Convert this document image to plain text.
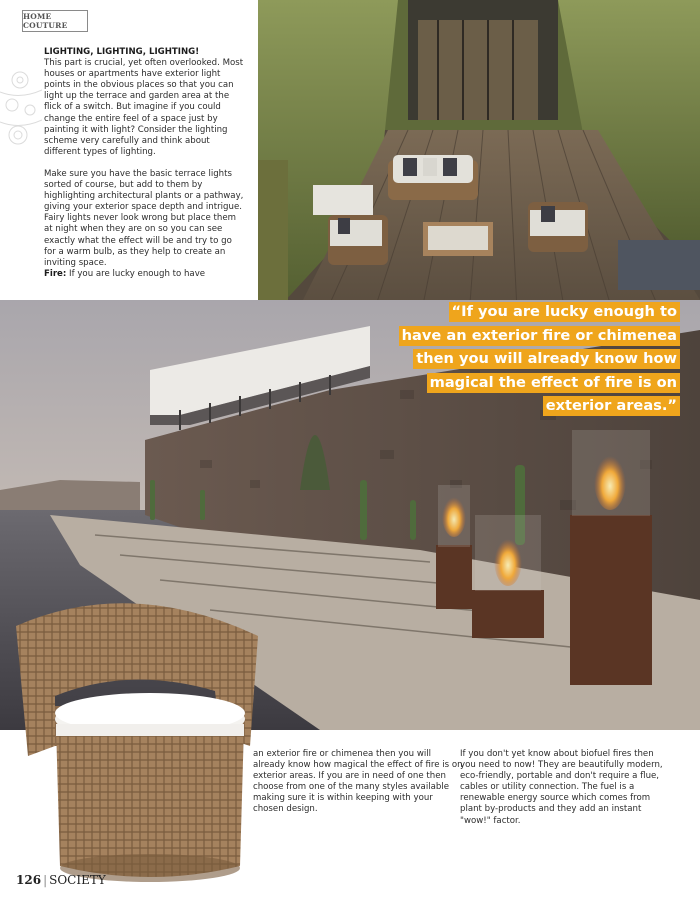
HOME COUTURE
LIGHTING, LIGHTING, LIGHTING!

This part is crucial, yet often overlooked. Most houses or apartments have exterior light points in the obvious places so that you can light up the terrace and garden area at the flick of a switch. But imagine if you could change the entire feel of a space just by painting it with light? Consider the lighting scheme very carefully and think about different types of lighting.

Make sure you have the basic terrace lights sorted of course, but add to them by highlighting architectural plants or a pathway, giving your exterior space depth and intrigue. Fairy lights never look wrong but place them at night when they are on so you can see exactly what the effect will be and try to go for a warm bulb, as they help to create an inviting space.
Fire: If you are lucky enough to have

“If you are lucky enough to
have an exterior fire or chimenea
then you will already know how
magical the effect of fire is on
exterior areas.”
an exterior fire or chimenea then you will already know how magical the effect of fire is on exterior areas. If you are in need of one then choose from one of the many styles available making sure it is within keeping with your chosen design.
If you don't yet know about biofuel fires then you need to now! They are beautifully modern, eco-friendly, portable and don't require a flue, cables or utility connection. The fuel is a renewable energy source which comes from plant by-products and they add an instant "wow!" factor.
126 | SOCIETY
